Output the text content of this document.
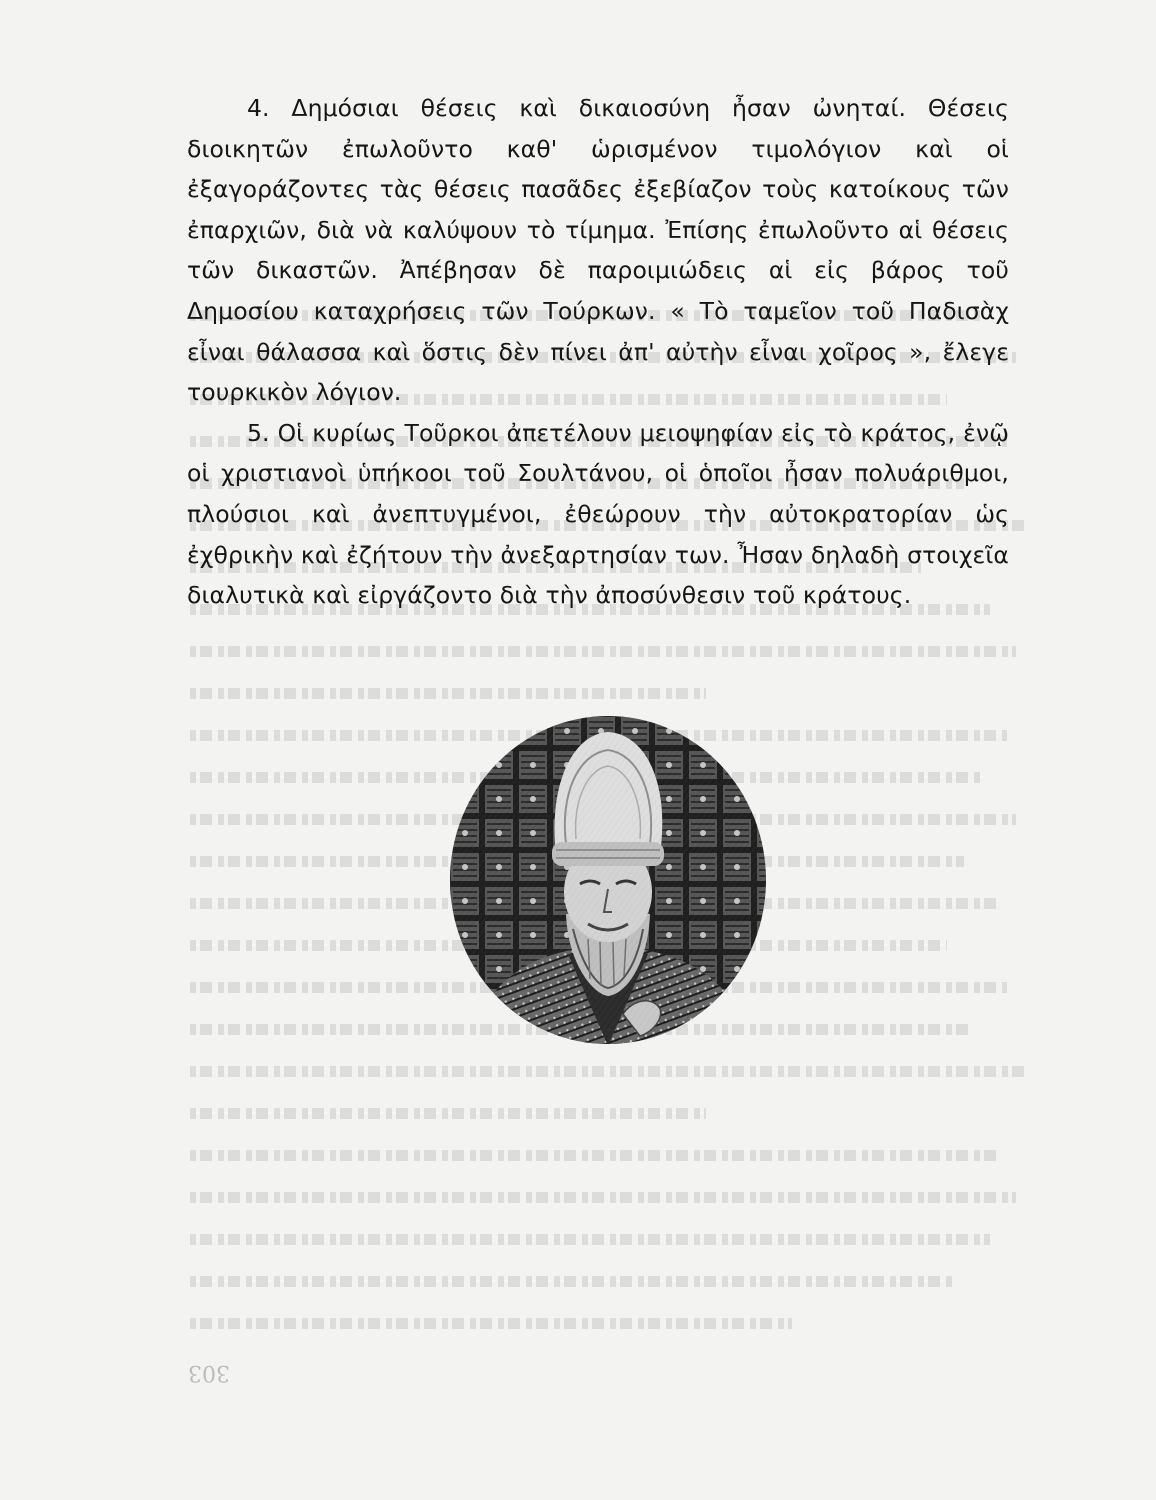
4. Δημόσιαι θέσεις καὶ δικαιοσύνη ἦσαν ὠνηταί. Θέσεις διοικητῶν ἐπωλοῦντο καθ' ὡρισμένον τιμολόγιον καὶ οἱ ἐξαγοράζοντες τὰς θέσεις πασᾶδες ἐξεβίαζον τοὺς κατοίκους τῶν ἐπαρχιῶν, διὰ νὰ καλύψουν τὸ τίμημα. Ἐπίσης ἐπωλοῦντο αἱ θέσεις τῶν δικαστῶν. Ἀπέβησαν δὲ παροιμιώδεις αἱ εἰς βάρος τοῦ Δημοσίου καταχρήσεις τῶν Τούρκων. « Τὸ ταμεῖον τοῦ Παδισὰχ εἶναι θάλασσα καὶ ὅστις δὲν πίνει ἀπ' αὐτὴν εἶναι χοῖρος », ἔλεγε τουρκικὸν λόγιον.

5. Οἱ κυρίως Τοῦρκοι ἀπετέλουν μειοψηφίαν εἰς τὸ κράτος, ἐνῷ οἱ χριστιανοὶ ὑπήκοοι τοῦ Σουλτάνου, οἱ ὁποῖοι ἦσαν πολυάριθμοι, πλούσιοι καὶ ἀνεπτυγμένοι, ἐθεώρουν τὴν αὐτοκρατορίαν ὡς ἐχθρικὴν καὶ ἐζήτουν τὴν ἀνεξαρτησίαν των. Ἦσαν δηλαδὴ στοιχεῖα διαλυτικὰ καὶ εἰργάζοντο διὰ τὴν ἀποσύνθεσιν τοῦ κράτους.

303
